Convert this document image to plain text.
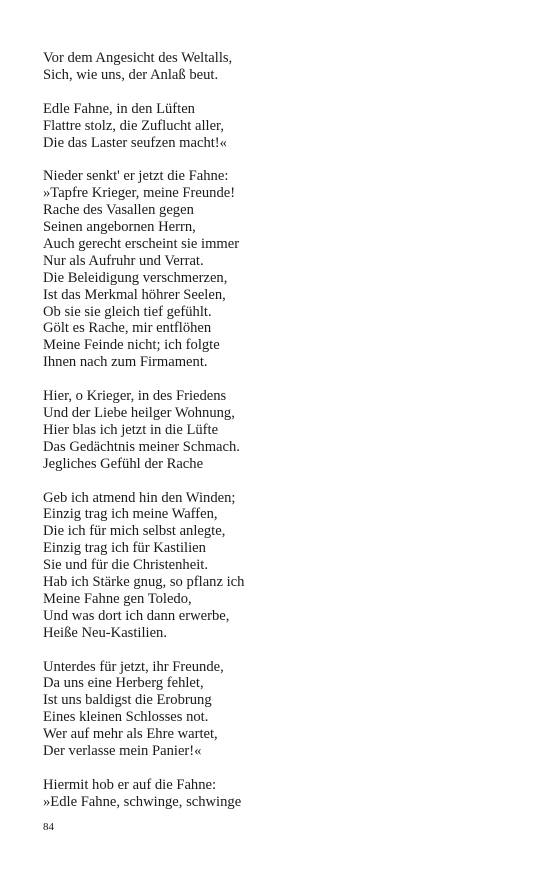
Vor dem Angesicht des Weltalls,
Sich, wie uns, der Anlaß beut.
Edle Fahne, in den Lüften
Flattre stolz, die Zuflucht aller,
Die das Laster seufzen macht!«
Nieder senkt' er jetzt die Fahne:
»Tapfre Krieger, meine Freunde!
Rache des Vasallen gegen
Seinen angebornen Herrn,
Auch gerecht erscheint sie immer
Nur als Aufruhr und Verrat.
Die Beleidigung verschmerzen,
Ist das Merkmal höhrer Seelen,
Ob sie sie gleich tief gefühlt.
Gölt es Rache, mir entflöhen
Meine Feinde nicht; ich folgte
Ihnen nach zum Firmament.
Hier, o Krieger, in des Friedens
Und der Liebe heilger Wohnung,
Hier blas ich jetzt in die Lüfte
Das Gedächtnis meiner Schmach.
Jegliches Gefühl der Rache
Geb ich atmend hin den Winden;
Einzig trag ich meine Waffen,
Die ich für mich selbst anlegte,
Einzig trag ich für Kastilien
Sie und für die Christenheit.
Hab ich Stärke gnug, so pflanz ich
Meine Fahne gen Toledo,
Und was dort ich dann erwerbe,
Heiße Neu-Kastilien.
Unterdes für jetzt, ihr Freunde,
Da uns eine Herberg fehlet,
Ist uns baldigst die Erobrung
Eines kleinen Schlosses not.
Wer auf mehr als Ehre wartet,
Der verlasse mein Panier!«
Hiermit hob er auf die Fahne:
»Edle Fahne, schwinge, schwinge
84
